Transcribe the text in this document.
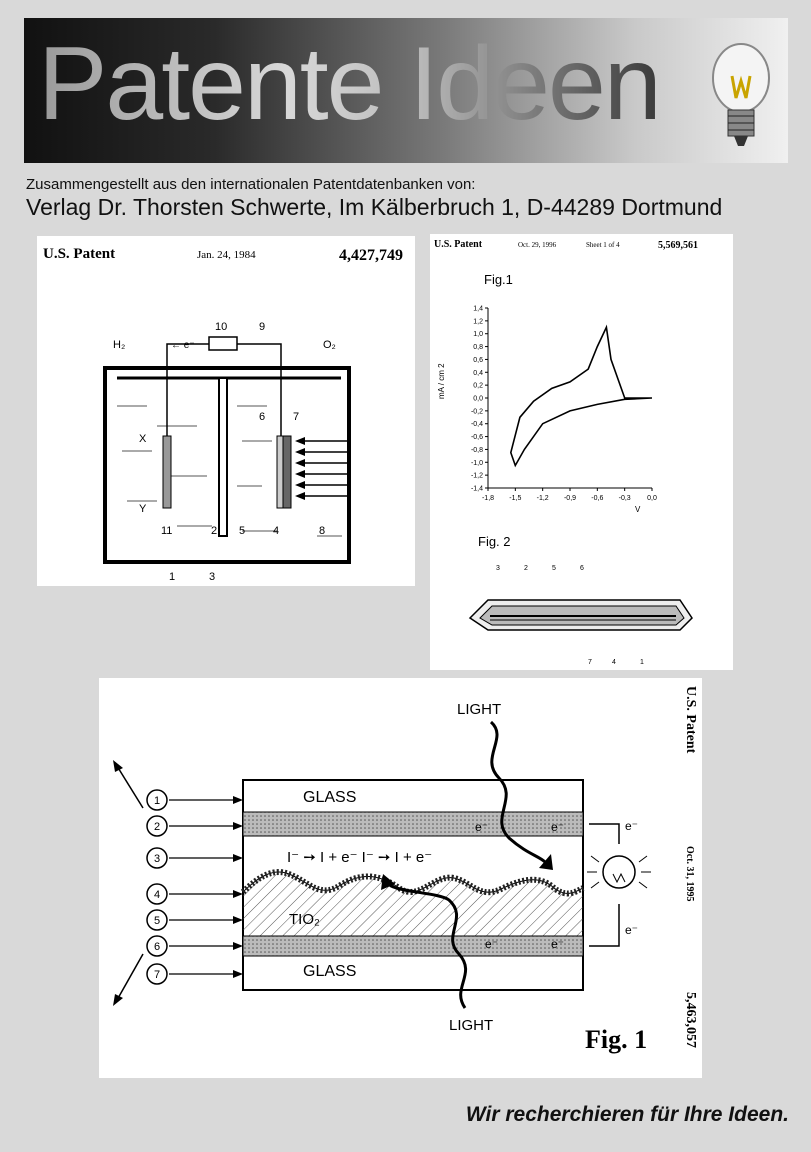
Patente Ideen
Zusammengestellt aus den internationalen Patentdatenbanken von:
Verlag Dr. Thorsten Schwerte, Im Kälberbruch 1, D-44289 Dortmund
U.S. Patent	Jan. 24, 1984	4,427,749
H₂	O₂
← e⁻
10	9
6	7
X
Y
11	2 5	4	8
1	3
U.S. Patent	Oct. 29, 1996	Sheet 1 of 4	5,569,561
Fig.1
1,4
1,2
1,0
0,8
0,6
0,4
0,2
0,0
-0,2
-0,4
-0,6
-0,8
-1,0
-1,2
-1,4
-1,8 -1,5 -1,2 -0,9 -0,6 -0,3 0,0
mA / cm 2
V
Fig. 2
3	2	5	6
7	4	1
GLASS
GLASS
TIO₂
I⁻ ➙ I + e⁻ I⁻ ➙ I + e⁻
e⁻	e⁻
e⁻	e⁻
e⁻
e⁻
LIGHT
LIGHT
1
2
3
4
5
6
7
U.S. Patent
Oct. 31, 1995
5,463,057
Fig. 1
Wir recherchieren für Ihre Ideen.
